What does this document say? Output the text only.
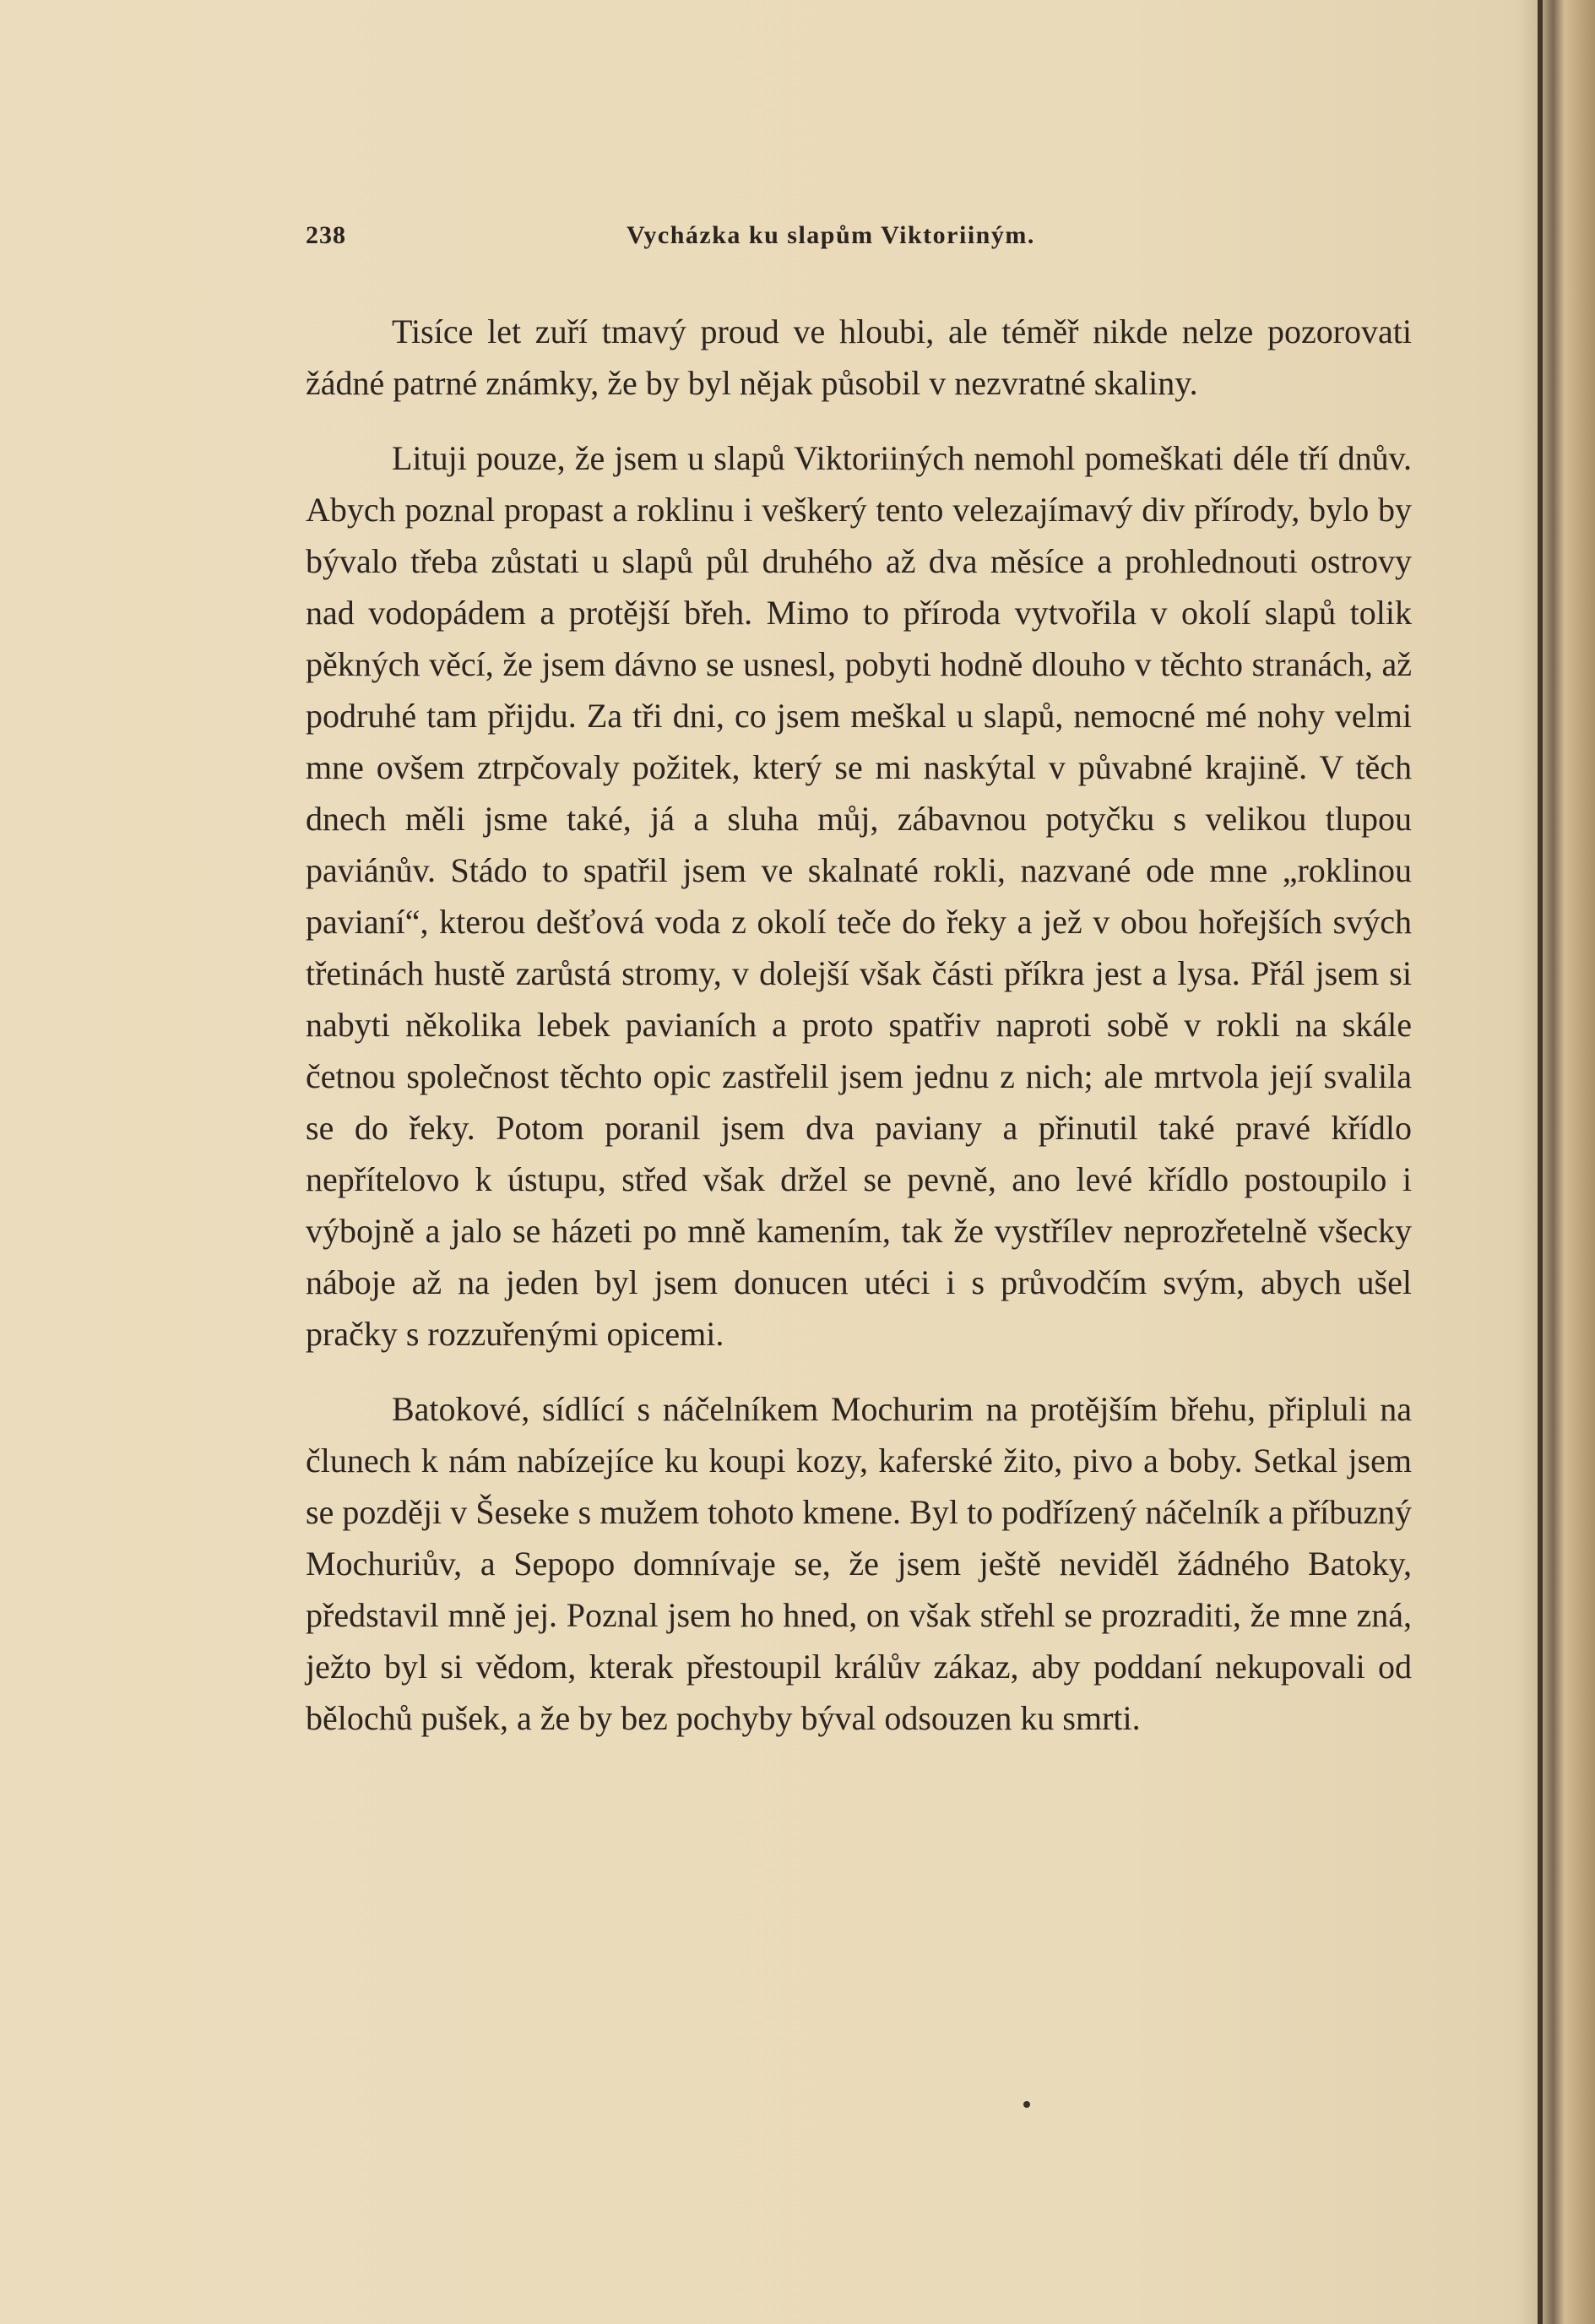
238	Vycházka ku slapům Viktoriiným.

Tisíce let zuří tmavý proud ve hloubi, ale téměř nikde nelze pozorovati žádné patrné známky, že by byl nějak působil v nezvratné skaliny.

Lituji pouze, že jsem u slapů Viktoriiných nemohl pomeškati déle tří dnův. Abych poznal propast a roklinu i veškerý tento velezajímavý div přírody, bylo by bývalo třeba zůstati u slapů půl druhého až dva měsíce a prohlednouti ostrovy nad vodopádem a protější břeh. Mimo to příroda vytvořila v okolí slapů tolik pěkných věcí, že jsem dávno se usnesl, pobyti hodně dlouho v těchto stranách, až podruhé tam přijdu. Za tři dni, co jsem meškal u slapů, nemocné mé nohy velmi mne ovšem ztrpčovaly požitek, který se mi naskýtal v půvabné krajině. V těch dnech měli jsme také, já a sluha můj, zábavnou potyčku s velikou tlupou paviánův. Stádo to spatřil jsem ve skalnaté rokli, nazvané ode mne „roklinou pavianí“, kterou dešťová voda z okolí teče do řeky a jež v obou hořejších svých třetinách hustě zarůstá stromy, v dolejší však části příkra jest a lysa. Přál jsem si nabyti několika lebek pavianích a proto spatřiv naproti sobě v rokli na skále četnou společnost těchto opic zastřelil jsem jednu z nich; ale mrtvola její svalila se do řeky. Potom poranil jsem dva paviany a přinutil také pravé křídlo nepřítelovo k ústupu, střed však držel se pevně, ano levé křídlo postoupilo i výbojně a jalo se házeti po mně kamením, tak že vystřílev neprozřetelně všecky náboje až na jeden byl jsem donucen utéci i s průvodčím svým, abych ušel pračky s rozzuřenými opicemi.

Batokové, sídlící s náčelníkem Mochurim na protějším břehu, připluli na člunech k nám nabízejíce ku koupi kozy, kaferské žito, pivo a boby. Setkal jsem se později v Šeseke s mužem tohoto kmene. Byl to podřízený náčelník a příbuzný Mochuriův, a Sepopo domnívaje se, že jsem ještě neviděl žádného Batoky, představil mně jej. Poznal jsem ho hned, on však střehl se prozraditi, že mne zná, ježto byl si vědom, kterak přestoupil králův zákaz, aby poddaní nekupovali od bělochů pušek, a že by bez pochyby býval odsouzen ku smrti.
